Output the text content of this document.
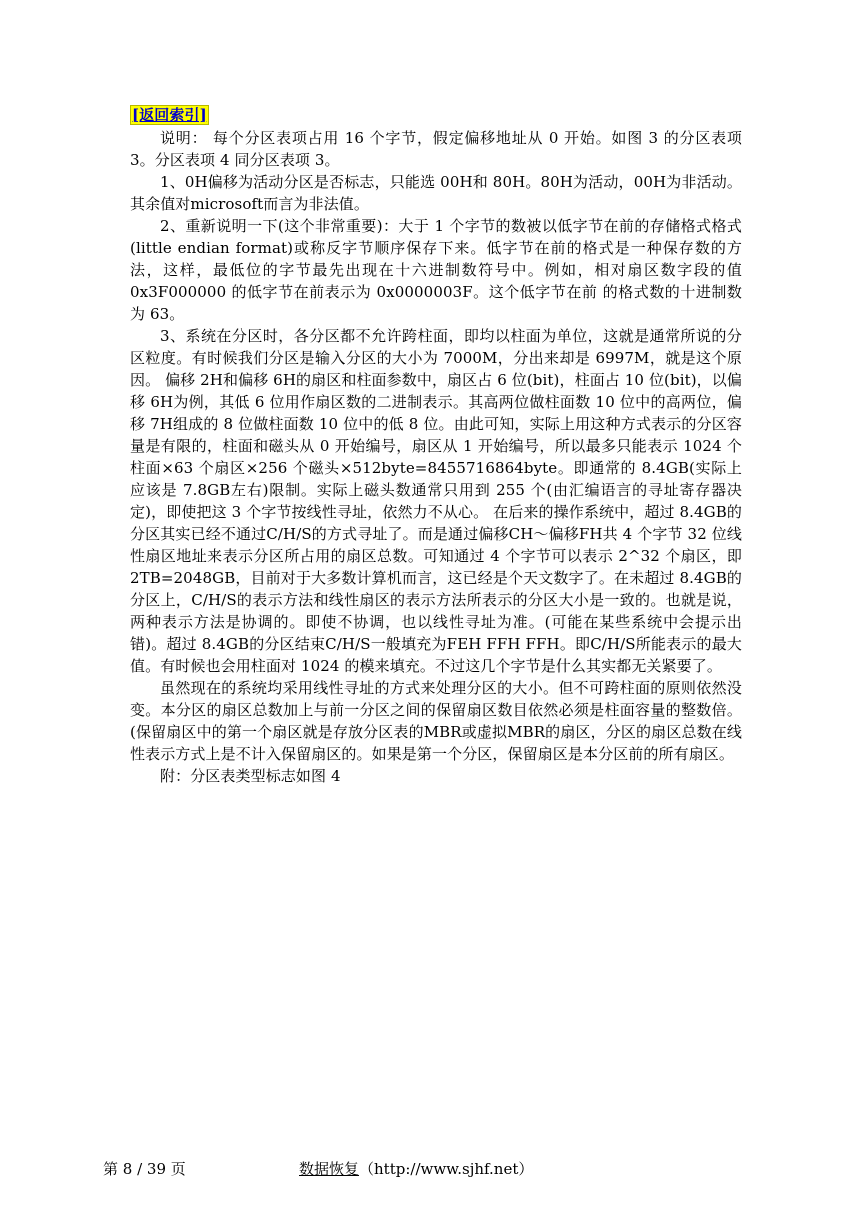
[返回索引]

说明： 每个分区表项占用 16 个字节，假定偏移地址从 0 开始。如图 3 的分区表项 3。分区表项 4 同分区表项 3。

1、0H偏移为活动分区是否标志，只能选 00H和 80H。80H为活动，00H为非活动。其余值对microsoft而言为非法值。

2、重新说明一下(这个非常重要)：大于 1 个字节的数被以低字节在前的存储格式格式(little endian format)或称反字节顺序保存下来。低字节在前的格式是一种保存数的方法，这样，最低位的字节最先出现在十六进制数符号中。例如，相对扇区数字段的值 0x3F000000 的低字节在前表示为 0x0000003F。这个低字节在前 的格式数的十进制数为 63。

3、系统在分区时，各分区都不允许跨柱面，即均以柱面为单位，这就是通常所说的分区粒度。有时候我们分区是输入分区的大小为 7000M，分出来却是 6997M，就是这个原因。 偏移 2H和偏移 6H的扇区和柱面参数中，扇区占 6 位(bit)，柱面占 10 位(bit)，以偏移 6H为例，其低 6 位用作扇区数的二进制表示。其高两位做柱面数 10 位中的高两位，偏移 7H组成的 8 位做柱面数 10 位中的低 8 位。由此可知，实际上用这种方式表示的分区容量是有限的，柱面和磁头从 0 开始编号，扇区从 1 开始编号，所以最多只能表示 1024 个柱面×63 个扇区×256 个磁头×512byte=8455716864byte。即通常的 8.4GB(实际上应该是 7.8GB左右)限制。实际上磁头数通常只用到 255 个(由汇编语言的寻址寄存器决定)，即使把这 3 个字节按线性寻址，依然力不从心。 在后来的操作系统中，超过 8.4GB的分区其实已经不通过C/H/S的方式寻址了。而是通过偏移CH～偏移FH共 4 个字节 32 位线性扇区地址来表示分区所占用的扇区总数。可知通过 4 个字节可以表示 2^32 个扇区，即 2TB=2048GB，目前对于大多数计算机而言，这已经是个天文数字了。在未超过 8.4GB的分区上，C/H/S的表示方法和线性扇区的表示方法所表示的分区大小是一致的。也就是说，两种表示方法是协调的。即使不协调，也以线性寻址为准。(可能在某些系统中会提示出错)。超过 8.4GB的分区结束C/H/S一般填充为FEH FFH FFH。即C/H/S所能表示的最大值。有时候也会用柱面对 1024 的模来填充。不过这几个字节是什么其实都无关紧要了。

虽然现在的系统均采用线性寻址的方式来处理分区的大小。但不可跨柱面的原则依然没变。本分区的扇区总数加上与前一分区之间的保留扇区数目依然必须是柱面容量的整数倍。(保留扇区中的第一个扇区就是存放分区表的MBR或虚拟MBR的扇区，分区的扇区总数在线性表示方式上是不计入保留扇区的。如果是第一个分区，保留扇区是本分区前的所有扇区。

附：分区表类型标志如图 4

第 8 / 39 页	数据恢复（http://www.sjhf.net）
